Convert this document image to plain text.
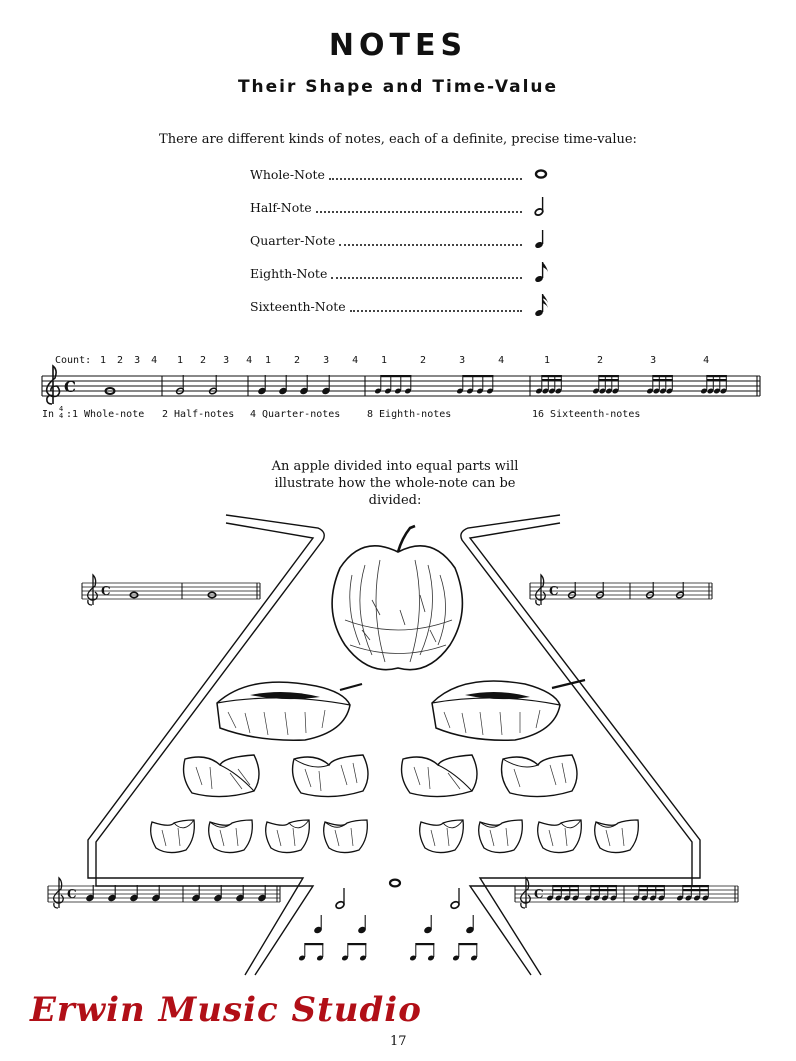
NOTES
Their Shape and Time-Value
There are different kinds of notes, each of a definite, precise time-value:
Whole-Note
Half-Note
Quarter-Note
Eighth-Note
Sixteenth-Note
Count: 1 2 3 4 1 2 3 4 1 2 3 4 1 2 3 4	1 2 3 4
C
In 4
4 : 1 Whole-note 2 Half-notes 4 Quarter-notes	8 Eighth-notes	16 Sixteenth-notes
An apple divided into equal parts will illustrate how the whole-note can be divided:
C	C
C	C
Erwin Music Studio
17
